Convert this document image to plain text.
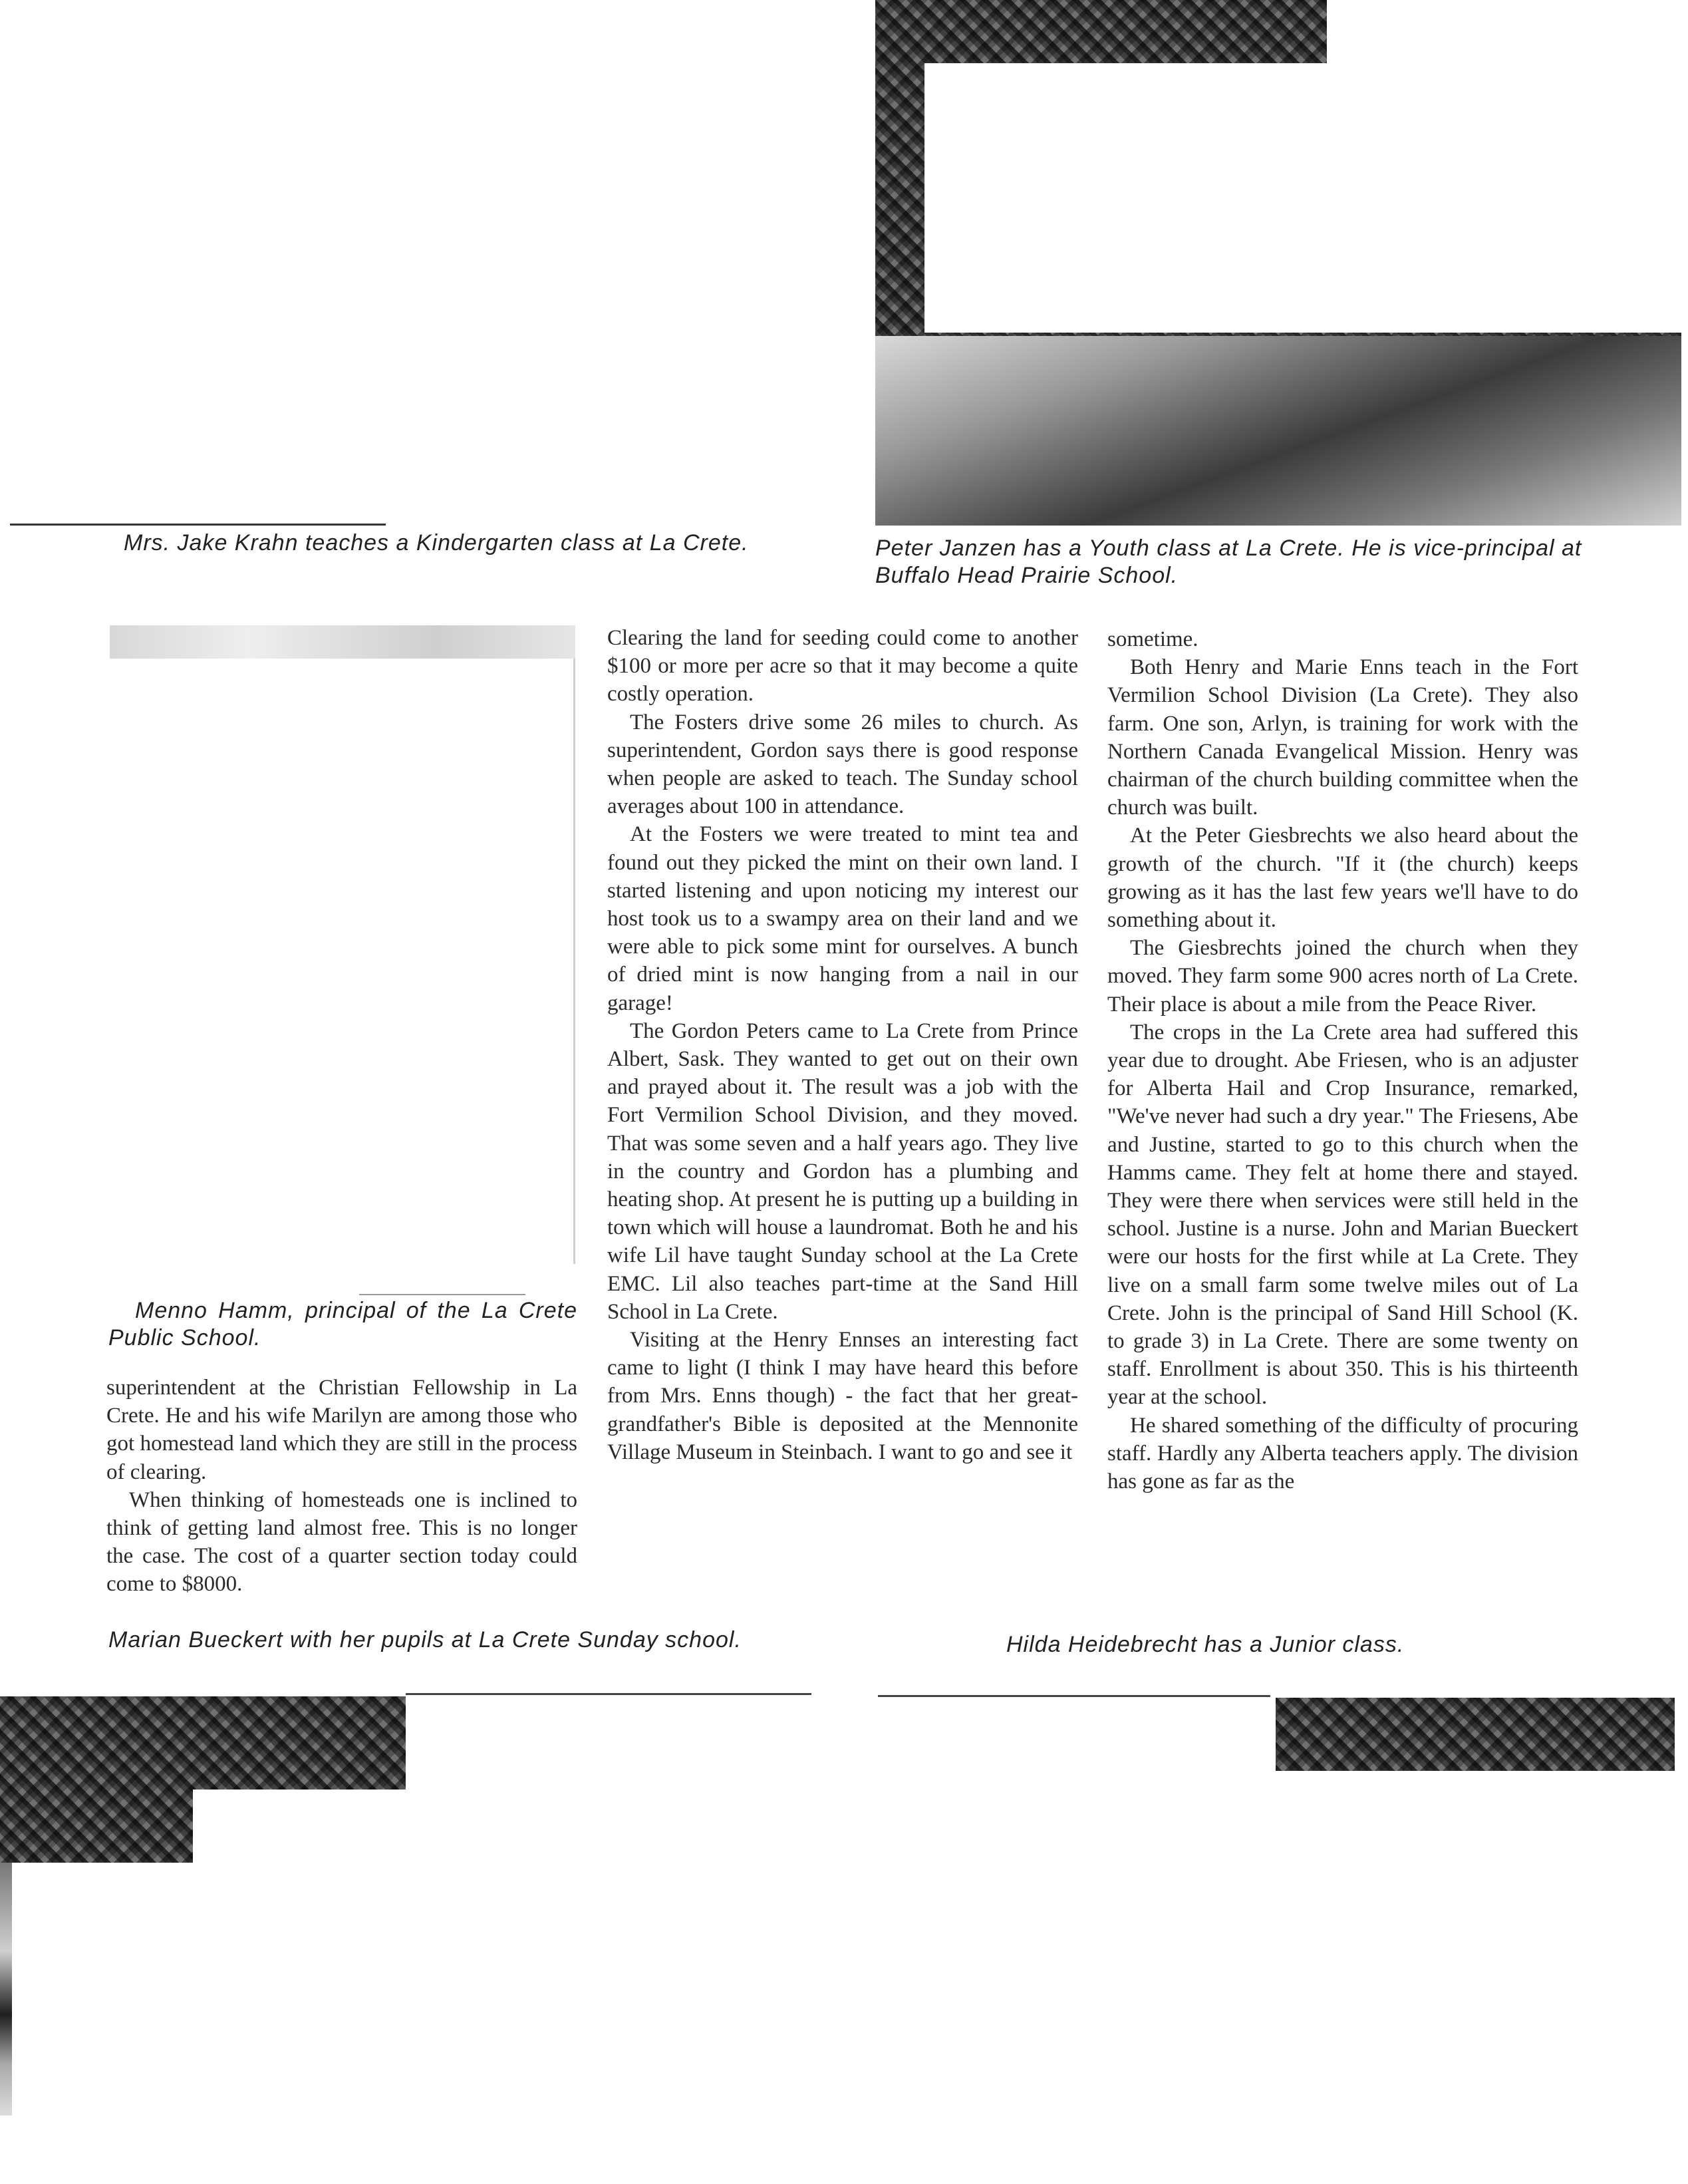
Mrs. Jake Krahn teaches a Kindergarten class at La Crete.	Peter Janzen has a Youth class at La Crete. He is vice-principal at Buffalo Head Prairie School.

Menno Hamm, principal of the La Crete Public School.

superintendent at the Christian Fellowship in La Crete. He and his wife Marilyn are among those who got homestead land which they are still in the process of clearing.

When thinking of homesteads one is inclined to think of getting land almost free. This is no longer the case. The cost of a quarter section today could come to $8000.

Clearing the land for seeding could come to another $100 or more per acre so that it may become a quite costly operation.

The Fosters drive some 26 miles to church. As superintendent, Gordon says there is good response when people are asked to teach. The Sunday school averages about 100 in attendance.

At the Fosters we were treated to mint tea and found out they picked the mint on their own land. I started listening and upon noticing my interest our host took us to a swampy area on their land and we were able to pick some mint for ourselves. A bunch of dried mint is now hanging from a nail in our garage!

The Gordon Peters came to La Crete from Prince Albert, Sask. They wanted to get out on their own and prayed about it. The result was a job with the Fort Vermilion School Division, and they moved. That was some seven and a half years ago. They live in the country and Gordon has a plumbing and heating shop. At present he is putting up a building in town which will house a laundromat. Both he and his wife Lil have taught Sunday school at the La Crete EMC. Lil also teaches part-time at the Sand Hill School in La Crete.

Visiting at the Henry Ennses an interesting fact came to light (I think I may have heard this before from Mrs. Enns though) - the fact that her great-grandfather's Bible is deposited at the Mennonite Village Museum in Steinbach. I want to go and see it

sometime.

Both Henry and Marie Enns teach in the Fort Vermilion School Division (La Crete). They also farm. One son, Arlyn, is training for work with the Northern Canada Evangelical Mission. Henry was chairman of the church building committee when the church was built.

At the Peter Giesbrechts we also heard about the growth of the church. "If it (the church) keeps growing as it has the last few years we'll have to do something about it.

The Giesbrechts joined the church when they moved. They farm some 900 acres north of La Crete. Their place is about a mile from the Peace River.

The crops in the La Crete area had suffered this year due to drought. Abe Friesen, who is an adjuster for Alberta Hail and Crop Insurance, remarked, "We've never had such a dry year." The Friesens, Abe and Justine, started to go to this church when the Hamms came. They felt at home there and stayed. They were there when services were still held in the school. Justine is a nurse. John and Marian Bueckert were our hosts for the first while at La Crete. They live on a small farm some twelve miles out of La Crete. John is the principal of Sand Hill School (K. to grade 3) in La Crete. There are some twenty on staff. Enrollment is about 350. This is his thirteenth year at the school.

He shared something of the difficulty of procuring staff. Hardly any Alberta teachers apply. The division has gone as far as the

Marian Bueckert with her pupils at La Crete Sunday school.	Hilda Heidebrecht has a Junior class.
